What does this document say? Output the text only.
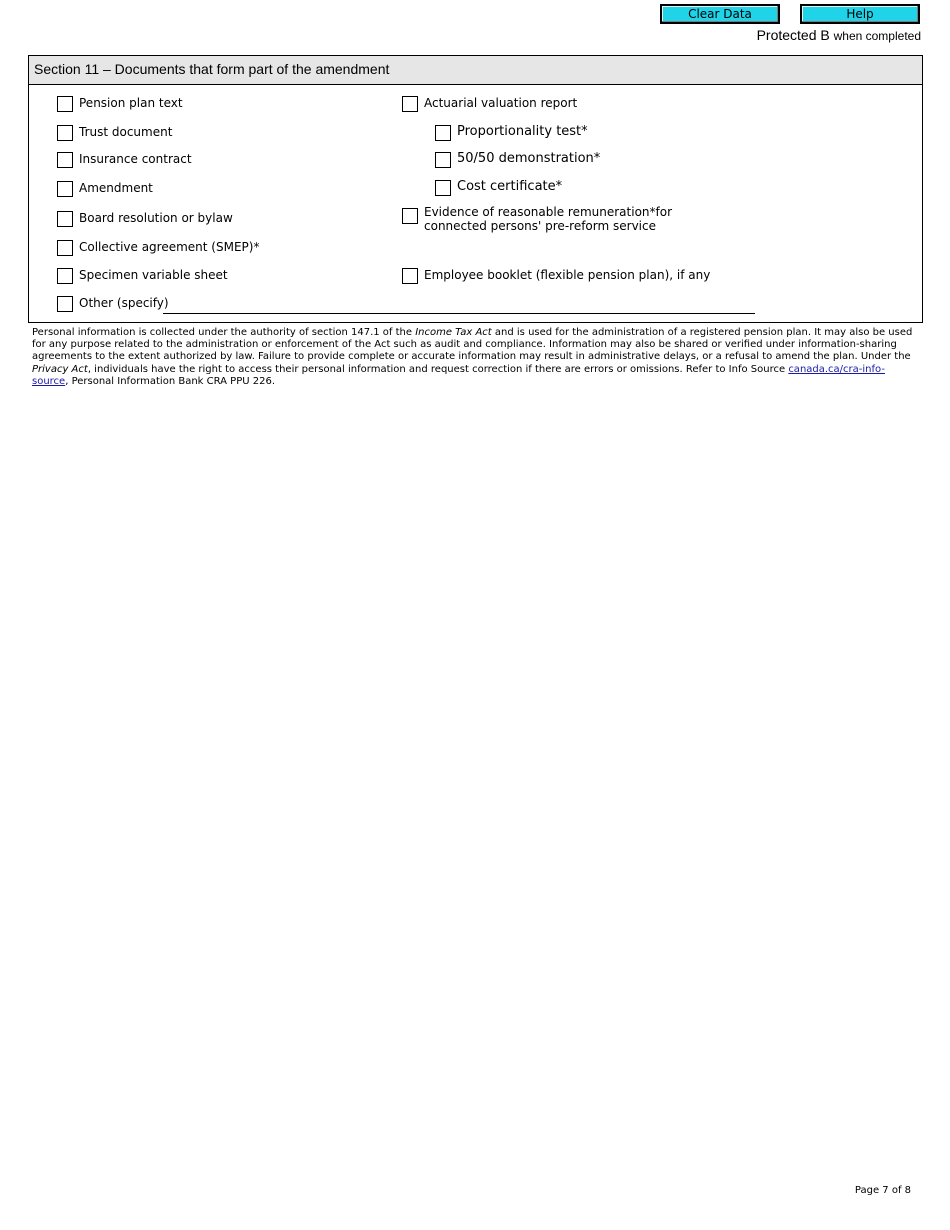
Clear Data	Help
Protected B when completed
Section 11 – Documents that form part of the amendment
Pension plan text
Trust document
Insurance contract
Amendment
Board resolution or bylaw
Collective agreement (SMEP)*
Specimen variable sheet
Other (specify)
Actuarial valuation report
Proportionality test*
50/50 demonstration*
Cost certificate*
Evidence of reasonable remuneration*for
connected persons' pre-reform service
Employee booklet (flexible pension plan), if any
Personal information is collected under the authority of section 147.1 of the Income Tax Act and is used for the administration of a registered pension plan. It may also be used for any purpose related to the administration or enforcement of the Act such as audit and compliance. Information may also be shared or verified under information-sharing agreements to the extent authorized by law. Failure to provide complete or accurate information may result in administrative delays, or a refusal to amend the plan. Under the Privacy Act, individuals have the right to access their personal information and request correction if there are errors or omissions. Refer to Info Source canada.ca/cra-info-source, Personal Information Bank CRA PPU 226.
Page 7 of 8
